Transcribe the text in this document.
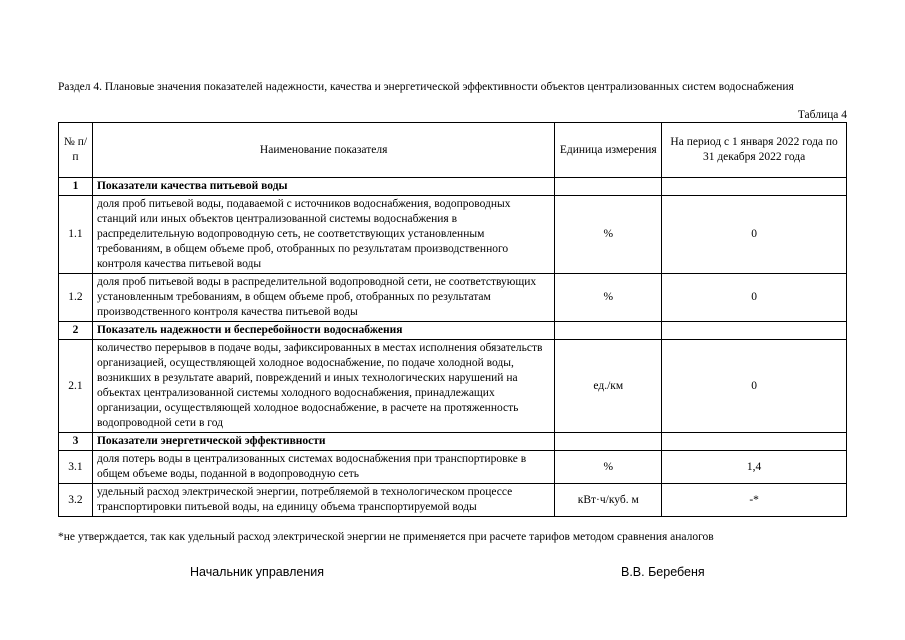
Раздел 4. Плановые значения показателей надежности, качества и энергетической эффективности объектов централизованных систем водоснабжения
Таблица 4
№ п/п	Наименование показателя	Единица измерения	На период с 1 января 2022 года по 31 декабря 2022 года
1	Показатели качества питьевой воды		
1.1	доля проб питьевой воды, подаваемой с источников водоснабжения, водопроводных станций или иных объектов централизованной системы водоснабжения в распределительную водопроводную сеть, не соответствующих установленным требованиям, в общем объеме проб, отобранных по результатам производственного контроля качества питьевой воды	%	0
1.2	доля проб питьевой воды в распределительной водопроводной сети, не соответствующих установленным требованиям, в общем объеме проб, отобранных по результатам производственного контроля качества питьевой воды	%	0
2	Показатель надежности и бесперебойности водоснабжения		
2.1	количество перерывов в подаче воды, зафиксированных в местах исполнения обязательств организацией, осуществляющей холодное водоснабжение, по подаче холодной воды, возникших в результате аварий, повреждений и иных технологических нарушений на объектах централизованной системы холодного водоснабжения, принадлежащих организации, осуществляющей холодное водоснабжение, в расчете на протяженность водопроводной сети в год	ед./км	0
3	Показатели энергетической эффективности		
3.1	доля потерь воды в централизованных системах водоснабжения при транспортировке в общем объеме воды, поданной в водопроводную сеть	%	1,4
3.2	удельный расход электрической энергии, потребляемой в технологическом процессе транспортировки питьевой воды, на единицу объема транспортируемой воды	кВт·ч/куб. м	-*
*не утверждается, так как удельный расход электрической энергии не применяется при расчете тарифов методом сравнения аналогов
Начальник управления	В.В. Беребеня
